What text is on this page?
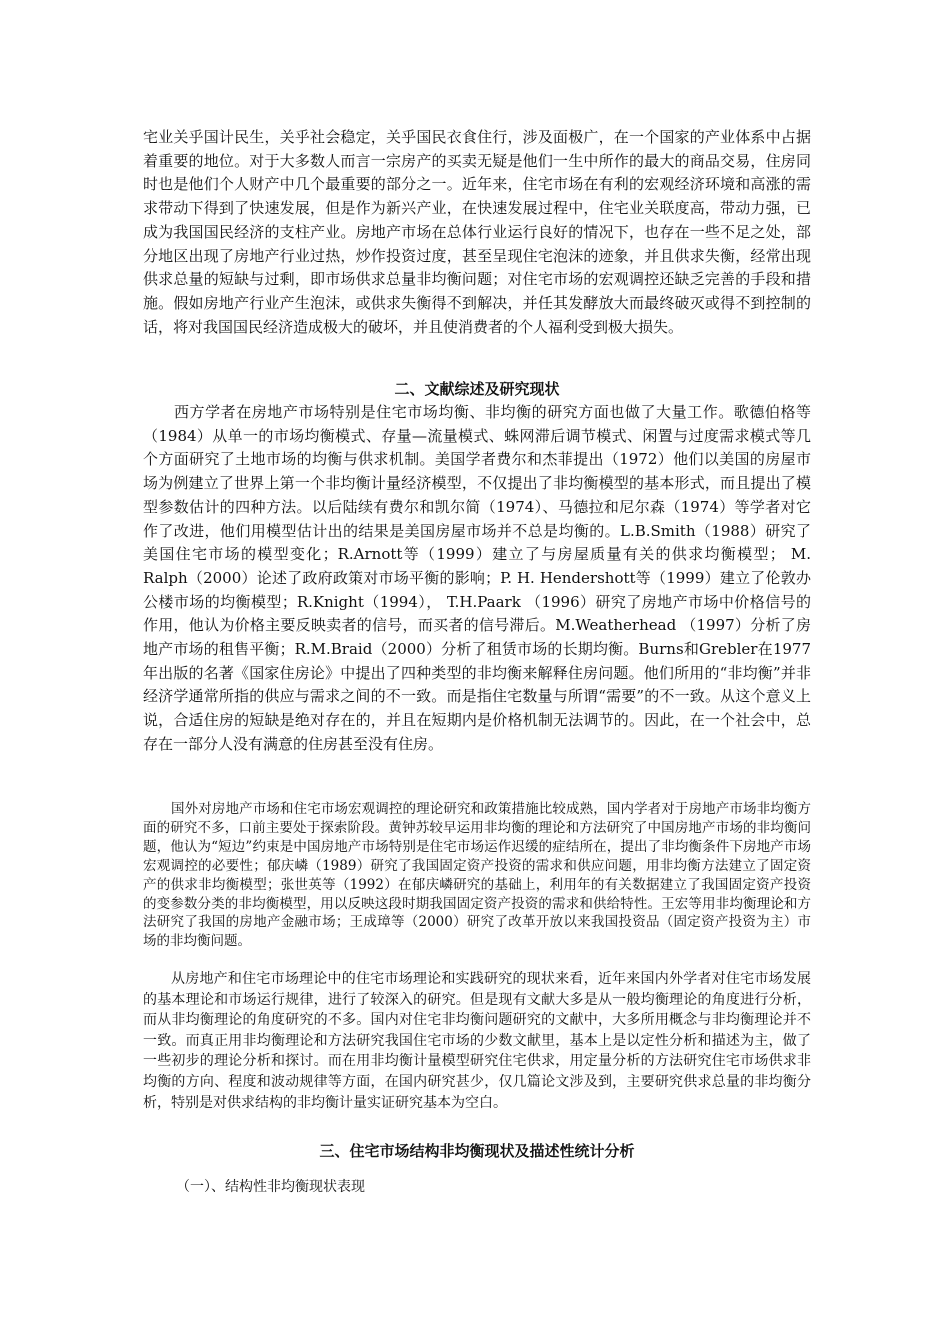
宅业关乎国计民生，关乎社会稳定，关乎国民衣食住行，涉及面极广，在一个国家的产业体系中占据着重要的地位。对于大多数人而言一宗房产的买卖无疑是他们一生中所作的最大的商品交易，住房同时也是他们个人财产中几个最重要的部分之一。近年来，住宅市场在有利的宏观经济环境和高涨的需求带动下得到了快速发展，但是作为新兴产业，在快速发展过程中，住宅业关联度高，带动力强，已成为我国国民经济的支柱产业。房地产市场在总体行业运行良好的情况下，也存在一些不足之处，部分地区出现了房地产行业过热，炒作投资过度，甚至呈现住宅泡沫的迹象，并且供求失衡，经常出现供求总量的短缺与过剩，即市场供求总量非均衡问题；对住宅市场的宏观调控还缺乏完善的手段和措施。假如房地产行业产生泡沫，或供求失衡得不到解决，并任其发酵放大而最终破灭或得不到控制的话，将对我国国民经济造成极大的破坏，并且使消费者的个人福利受到极大损失。

二、文献综述及研究现状

西方学者在房地产市场特别是住宅市场均衡、非均衡的研究方面也做了大量工作。歌德伯格等（1984）从单一的市场均衡模式、存量—流量模式、蛛网滞后调节模式、闲置与过度需求模式等几个方面研究了土地市场的均衡与供求机制。美国学者费尔和杰菲提出（1972）他们以美国的房屋市场为例建立了世界上第一个非均衡计量经济模型，不仅提出了非均衡模型的基本形式，而且提出了模型参数估计的四种方法。以后陆续有费尔和凯尔简（1974）、马德拉和尼尔森（1974）等学者对它作了改进，他们用模型估计出的结果是美国房屋市场并不总是均衡的。L.B.Smith（1988）研究了美国住宅市场的模型变化；R.Arnott等（1999）建立了与房屋质量有关的供求均衡模型； M. Ralph（2000）论述了政府政策对市场平衡的影响；P. H. Hendershott等（1999）建立了伦敦办公楼市场的均衡模型；R.Knight（1994）， T.H.Paark （1996）研究了房地产市场中价格信号的作用，他认为价格主要反映卖者的信号，而买者的信号滞后。M.Weatherhead （1997）分析了房地产市场的租售平衡；R.M.Braid（2000）分析了租赁市场的长期均衡。Burns和Grebler在1977年出版的名著《国家住房论》中提出了四种类型的非均衡来解释住房问题。他们所用的“非均衡”并非经济学通常所指的供应与需求之间的不一致。而是指住宅数量与所谓“需要”的不一致。从这个意义上说，合适住房的短缺是绝对存在的，并且在短期内是价格机制无法调节的。因此，在一个社会中，总存在一部分人没有满意的住房甚至没有住房。

国外对房地产市场和住宅市场宏观调控的理论研究和政策措施比较成熟，国内学者对于房地产市场非均衡方面的研究不多，口前主要处于探索阶段。黄钟苏较早运用非均衡的理论和方法研究了中国房地产市场的非均衡问题，他认为“短边”约束是中国房地产市场特别是住宅市场运作迟缓的症结所在，提出了非均衡条件下房地产市场宏观调控的必要性；郁庆嶙（1989）研究了我国固定资产投资的需求和供应问题，用非均衡方法建立了固定资产的供求非均衡模型；张世英等（1992）在郁庆嶙研究的基础上，利用年的有关数据建立了我国固定资产投资的变参数分类的非均衡模型，用以反映这段时期我国固定资产投资的需求和供给特性。王宏等用非均衡理论和方法研究了我国的房地产金融市场；王成璋等（2000）研究了改革开放以来我国投资品（固定资产投资为主）市场的非均衡问题。

从房地产和住宅市场理论中的住宅市场理论和实践研究的现状来看，近年来国内外学者对住宅市场发展的基本理论和市场运行规律，进行了较深入的研究。但是现有文献大多是从一般均衡理论的角度进行分析，而从非均衡理论的角度研究的不多。国内对住宅非均衡问题研究的文献中，大多所用概念与非均衡理论并不一致。而真正用非均衡理论和方法研究我国住宅市场的少数文献里，基本上是以定性分析和描述为主，做了一些初步的理论分析和探讨。而在用非均衡计量模型研究住宅供求，用定量分析的方法研究住宅市场供求非均衡的方向、程度和波动规律等方面，在国内研究甚少，仅几篇论文涉及到，主要研究供求总量的非均衡分析，特别是对供求结构的非均衡计量实证研究基本为空白。

三、住宅市场结构非均衡现状及描述性统计分析

（一）、结构性非均衡现状表现
